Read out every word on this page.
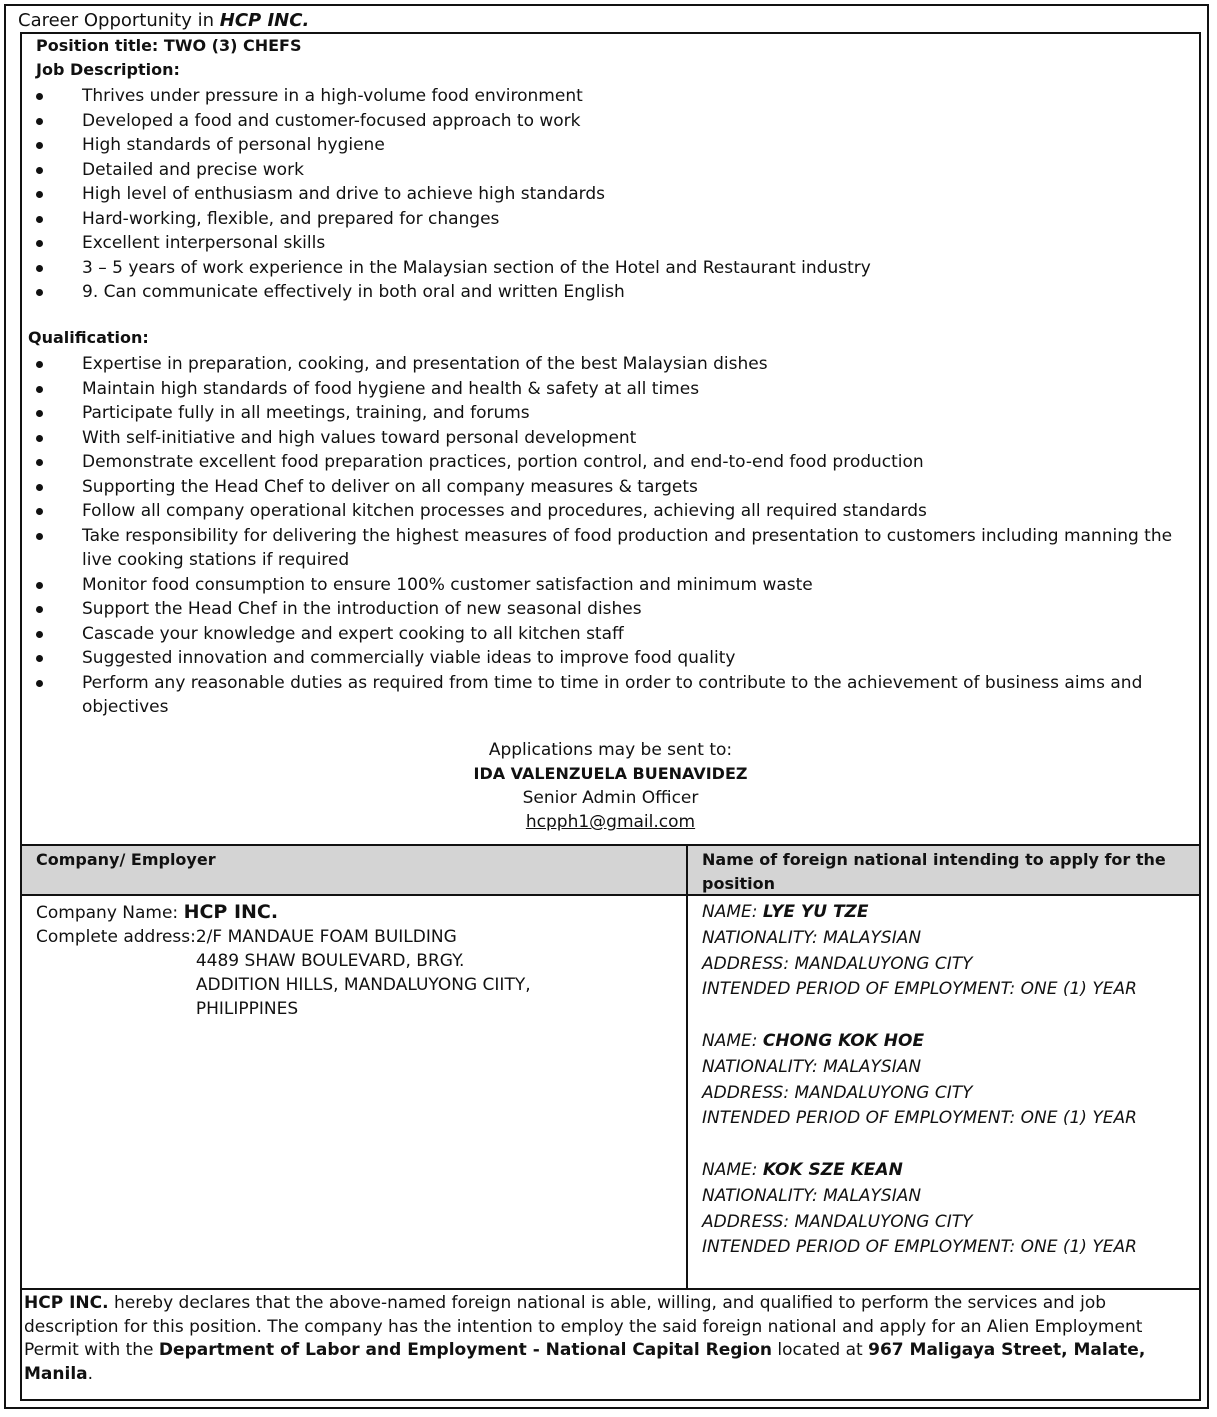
Career Opportunity in HCP INC.
Position title: TWO (3) CHEFS
Job Description:
Thrives under pressure in a high-volume food environment
Developed a food and customer-focused approach to work
High standards of personal hygiene
Detailed and precise work
High level of enthusiasm and drive to achieve high standards
Hard-working, flexible, and prepared for changes
Excellent interpersonal skills
3 – 5 years of work experience in the Malaysian section of the Hotel and Restaurant industry
9. Can communicate effectively in both oral and written English
Qualification:
Expertise in preparation, cooking, and presentation of the best Malaysian dishes
Maintain high standards of food hygiene and health & safety at all times
Participate fully in all meetings, training, and forums
With self-initiative and high values toward personal development
Demonstrate excellent food preparation practices, portion control, and end-to-end food production
Supporting the Head Chef to deliver on all company measures & targets
Follow all company operational kitchen processes and procedures, achieving all required standards
Take responsibility for delivering the highest measures of food production and presentation to customers including manning the live cooking stations if required
Monitor food consumption to ensure 100% customer satisfaction and minimum waste
Support the Head Chef in the introduction of new seasonal dishes
Cascade your knowledge and expert cooking to all kitchen staff
Suggested innovation and commercially viable ideas to improve food quality
Perform any reasonable duties as required from time to time in order to contribute to the achievement of business aims and objectives
Applications may be sent to:
IDA VALENZUELA BUENAVIDEZ
Senior Admin Officer
hcpph1@gmail.com
Company/ Employer	Name of foreign national intending to apply for the position
Company Name: HCP INC.
Complete address: 2/F MANDAUE FOAM BUILDING
4489 SHAW BOULEVARD, BRGY.
ADDITION HILLS, MANDALUYONG CIITY,
PHILIPPINES
NAME: LYE YU TZE
NATIONALITY: MALAYSIAN
ADDRESS: MANDALUYONG CITY
INTENDED PERIOD OF EMPLOYMENT: ONE (1) YEAR
NAME: CHONG KOK HOE
NATIONALITY: MALAYSIAN
ADDRESS: MANDALUYONG CITY
INTENDED PERIOD OF EMPLOYMENT: ONE (1) YEAR
NAME: KOK SZE KEAN
NATIONALITY: MALAYSIAN
ADDRESS: MANDALUYONG CITY
INTENDED PERIOD OF EMPLOYMENT: ONE (1) YEAR
HCP INC. hereby declares that the above-named foreign national is able, willing, and qualified to perform the services and job description for this position. The company has the intention to employ the said foreign national and apply for an Alien Employment Permit with the Department of Labor and Employment - National Capital Region located at 967 Maligaya Street, Malate, Manila.
